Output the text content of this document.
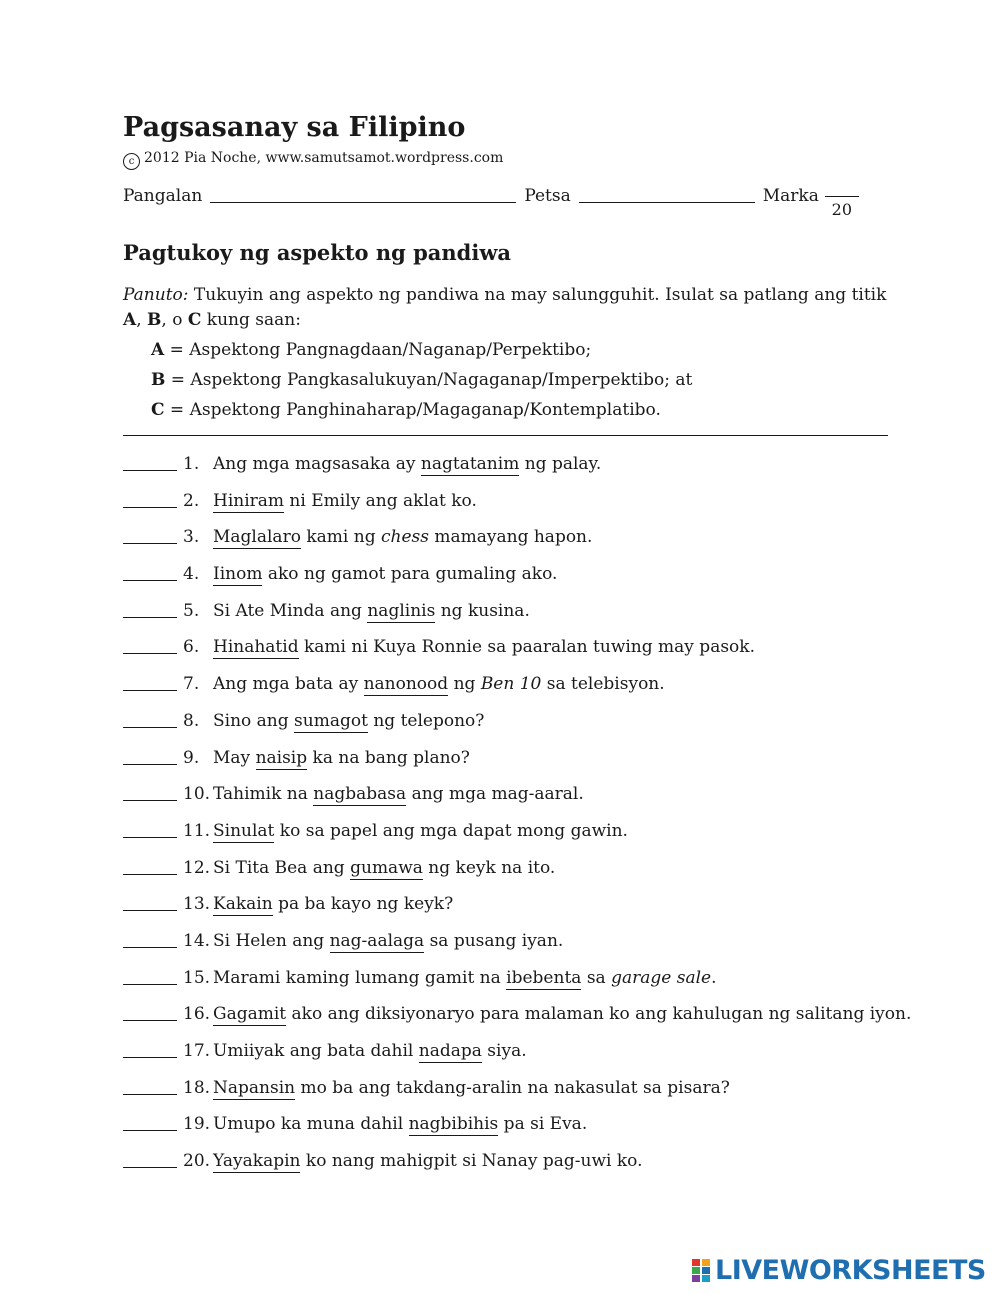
Pagsasanay sa Filipino
c 2012 Pia Noche, www.samutsamot.wordpress.com
Pangalan	Petsa	Marka
20
Pagtukoy ng aspekto ng pandiwa
Panuto: Tukuyin ang aspekto ng pandiwa na may salungguhit. Isulat sa patlang ang titik A, B, o C kung saan:
A = Aspektong Pangnagdaan/Naganap/Perpektibo;
B = Aspektong Pangkasalukuyan/Nagaganap/Imperpektibo; at
C = Aspektong Panghinaharap/Magaganap/Kontemplatibo.
1. Ang mga magsasaka ay nagtatanim ng palay.
2. Hiniram ni Emily ang aklat ko.
3. Maglalaro kami ng chess mamayang hapon.
4. Iinom ako ng gamot para gumaling ako.
5. Si Ate Minda ang naglinis ng kusina.
6. Hinahatid kami ni Kuya Ronnie sa paaralan tuwing may pasok.
7. Ang mga bata ay nanonood ng Ben 10 sa telebisyon.
8. Sino ang sumagot ng telepono?
9. May naisip ka na bang plano?
10. Tahimik na nagbabasa ang mga mag-aaral.
11. Sinulat ko sa papel ang mga dapat mong gawin.
12. Si Tita Bea ang gumawa ng keyk na ito.
13. Kakain pa ba kayo ng keyk?
14. Si Helen ang nag-aalaga sa pusang iyan.
15. Marami kaming lumang gamit na ibebenta sa garage sale.
16. Gagamit ako ang diksiyonaryo para malaman ko ang kahulugan ng salitang iyon.
17. Umiiyak ang bata dahil nadapa siya.
18. Napansin mo ba ang takdang-aralin na nakasulat sa pisara?
19. Umupo ka muna dahil nagbibihis pa si Eva.
20. Yayakapin ko nang mahigpit si Nanay pag-uwi ko.
LIVEWORKSHEETS
